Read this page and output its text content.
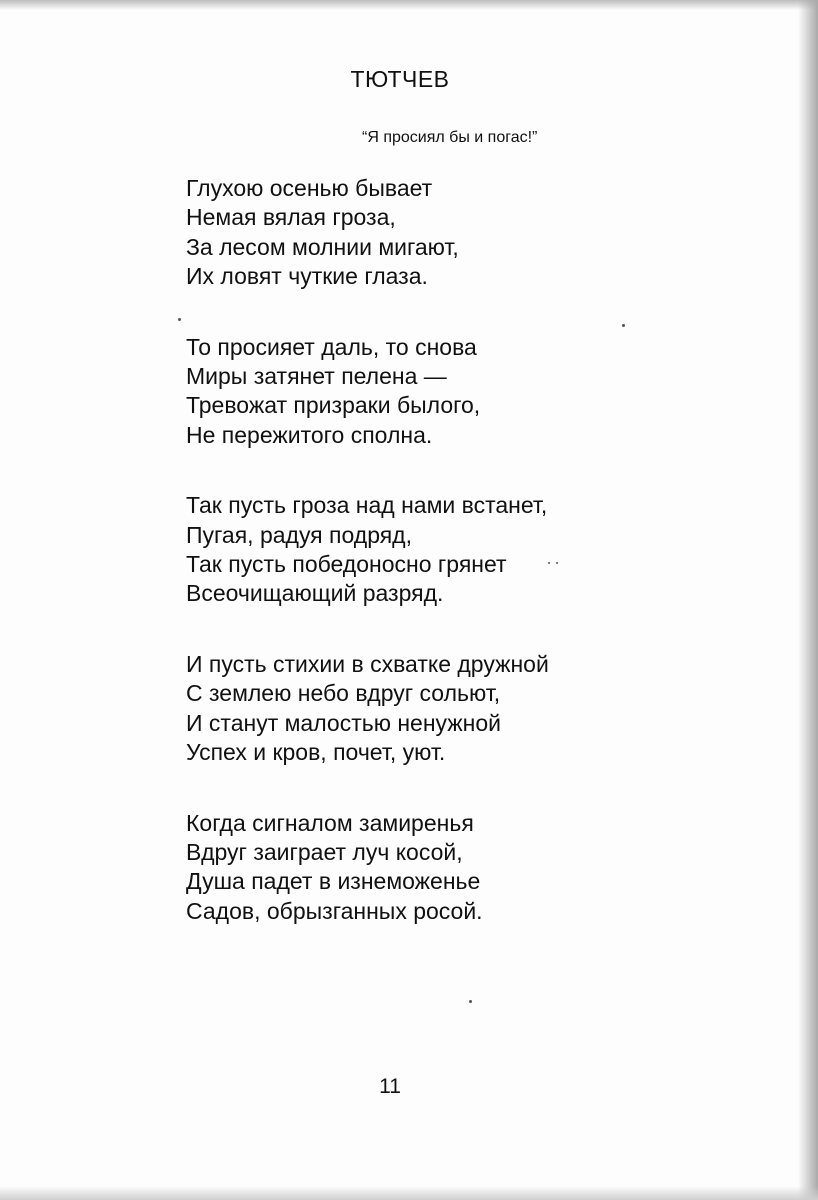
ТЮТЧЕВ
“Я просиял бы и погас!”
Глухою осенью бывает
Немая вялая гроза,
За лесом молнии мигают,
Их ловят чуткие глаза.
То просияет даль, то снова
Миры затянет пелена —
Тревожат призраки былого,
Не пережитого сполна.
Так пусть гроза над нами встанет,
Пугая, радуя подряд,
Так пусть победоносно грянет
Всеочищающий разряд.
И пусть стихии в схватке дружной
С землею небо вдруг сольют,
И станут малостью ненужной
Успех и кров, почет, уют.
Когда сигналом замиренья
Вдруг заиграет луч косой,
Душа падет в изнеможенье
Садов, обрызганных росой.
11
